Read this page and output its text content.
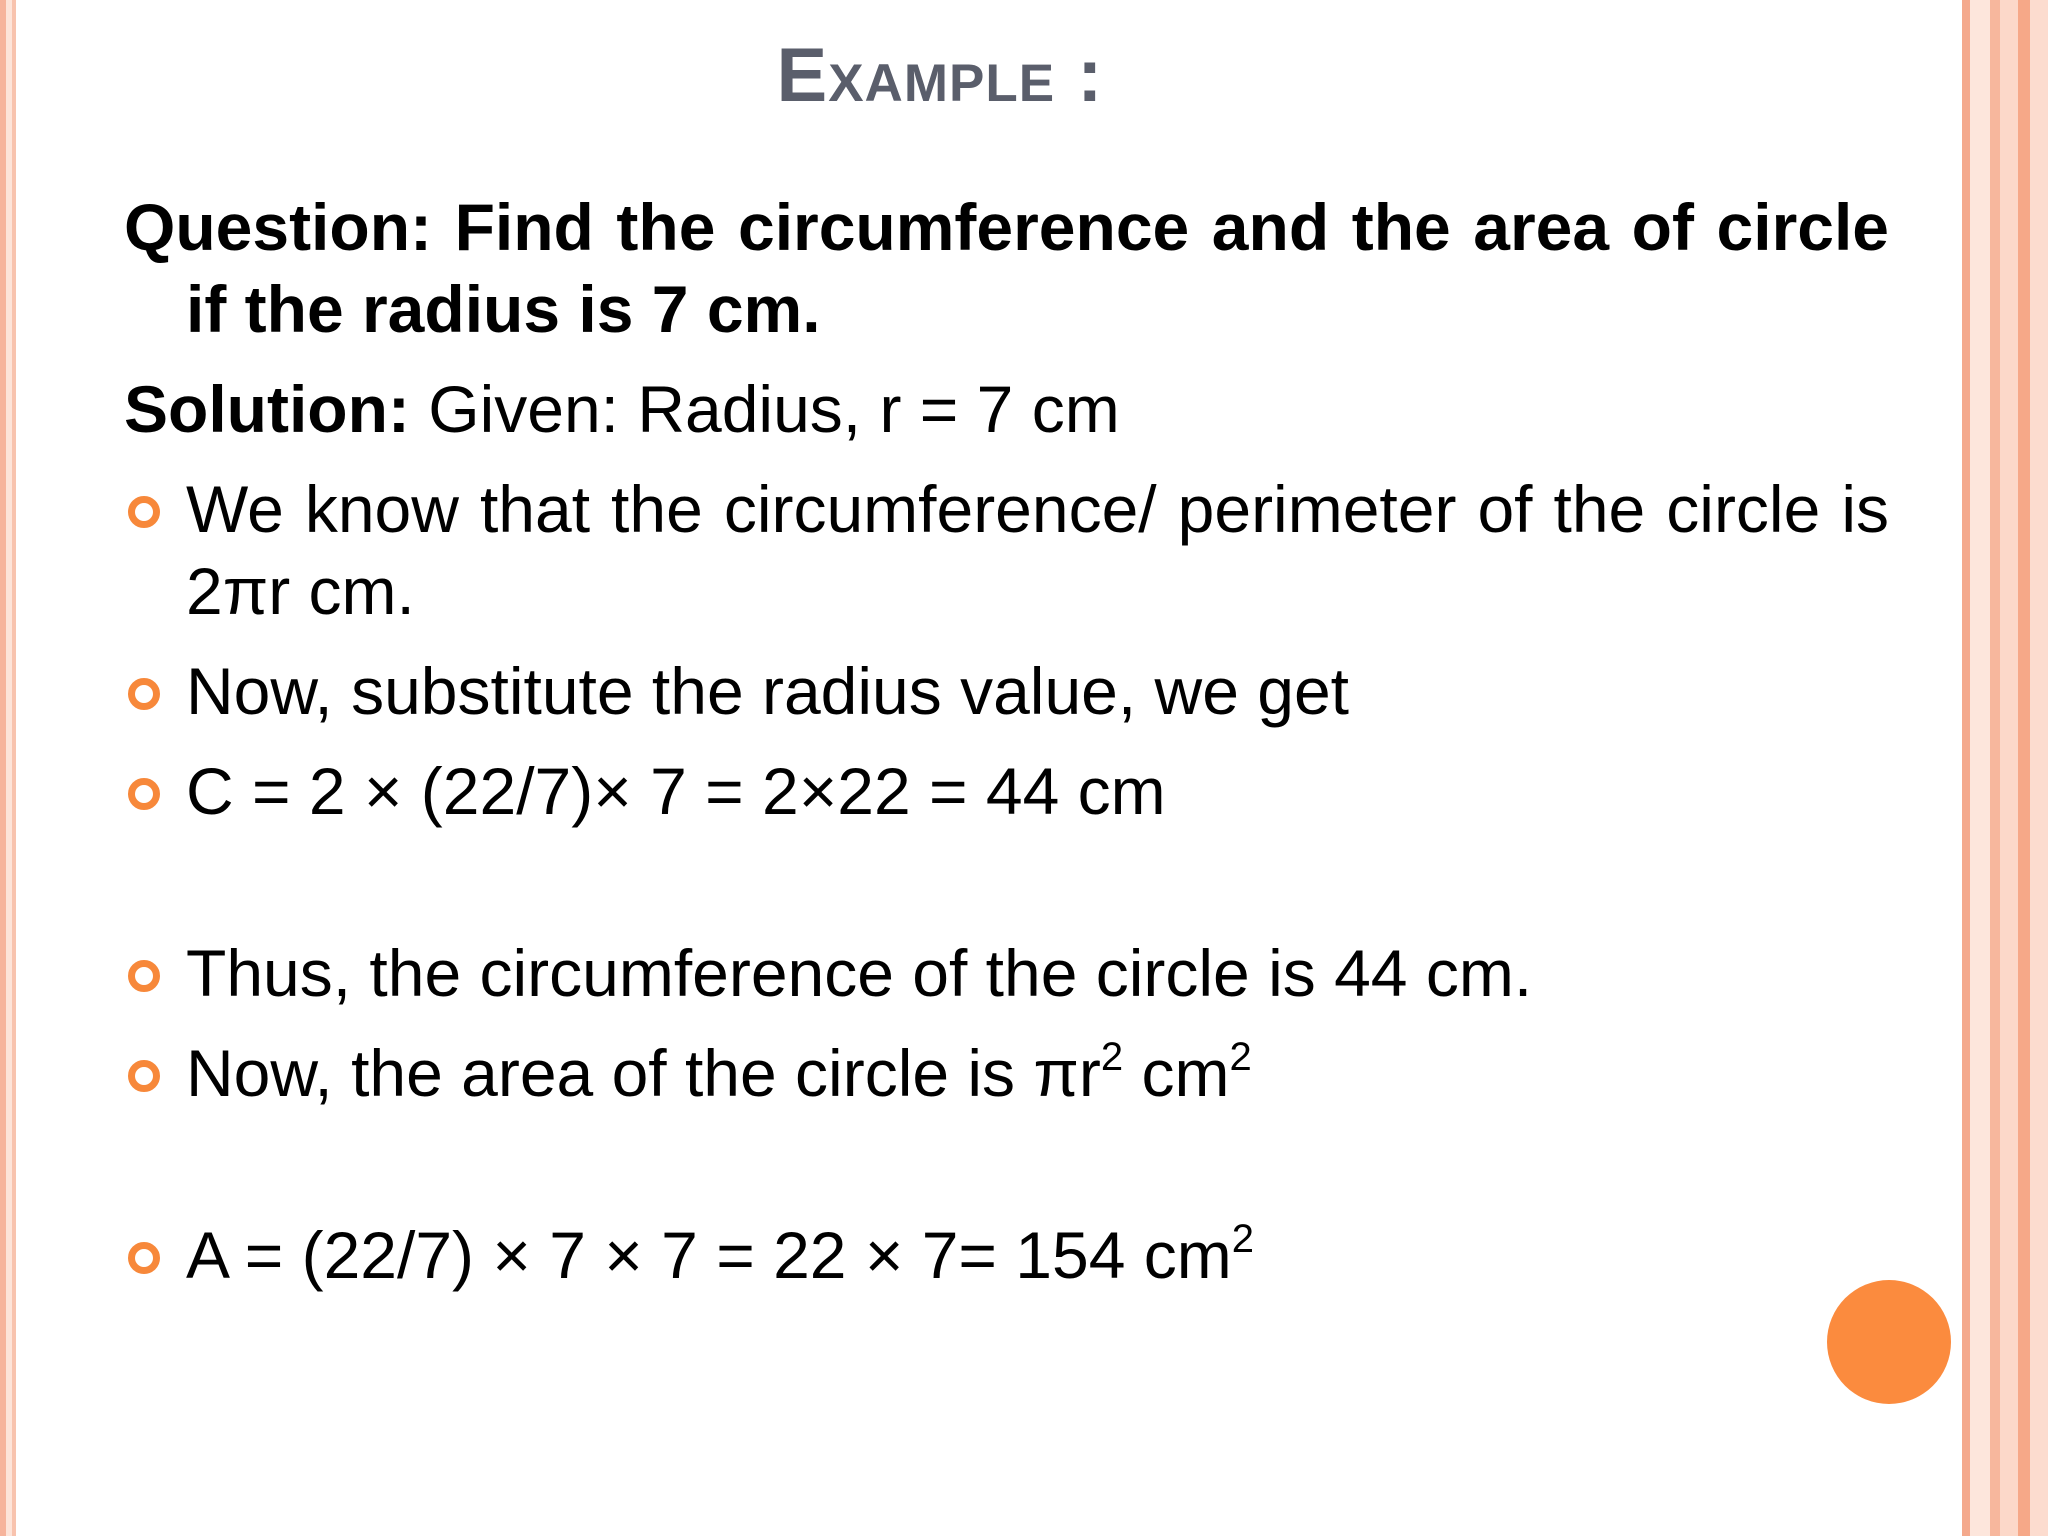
Example :
Question: Find the circumference and the area of circle if the radius is 7 cm.
Solution: Given: Radius, r = 7 cm
We know that the circumference/ perimeter of the circle is 2πr cm.
Now, substitute the radius value, we get
C = 2 × (22/7)× 7 = 2×22 = 44 cm
Thus, the circumference of the circle is 44 cm.
Now, the area of the circle is $\pi r^2$ $cm^2$
A = (22/7) × 7 × 7 = 22 × 7= 154 $cm^2$
